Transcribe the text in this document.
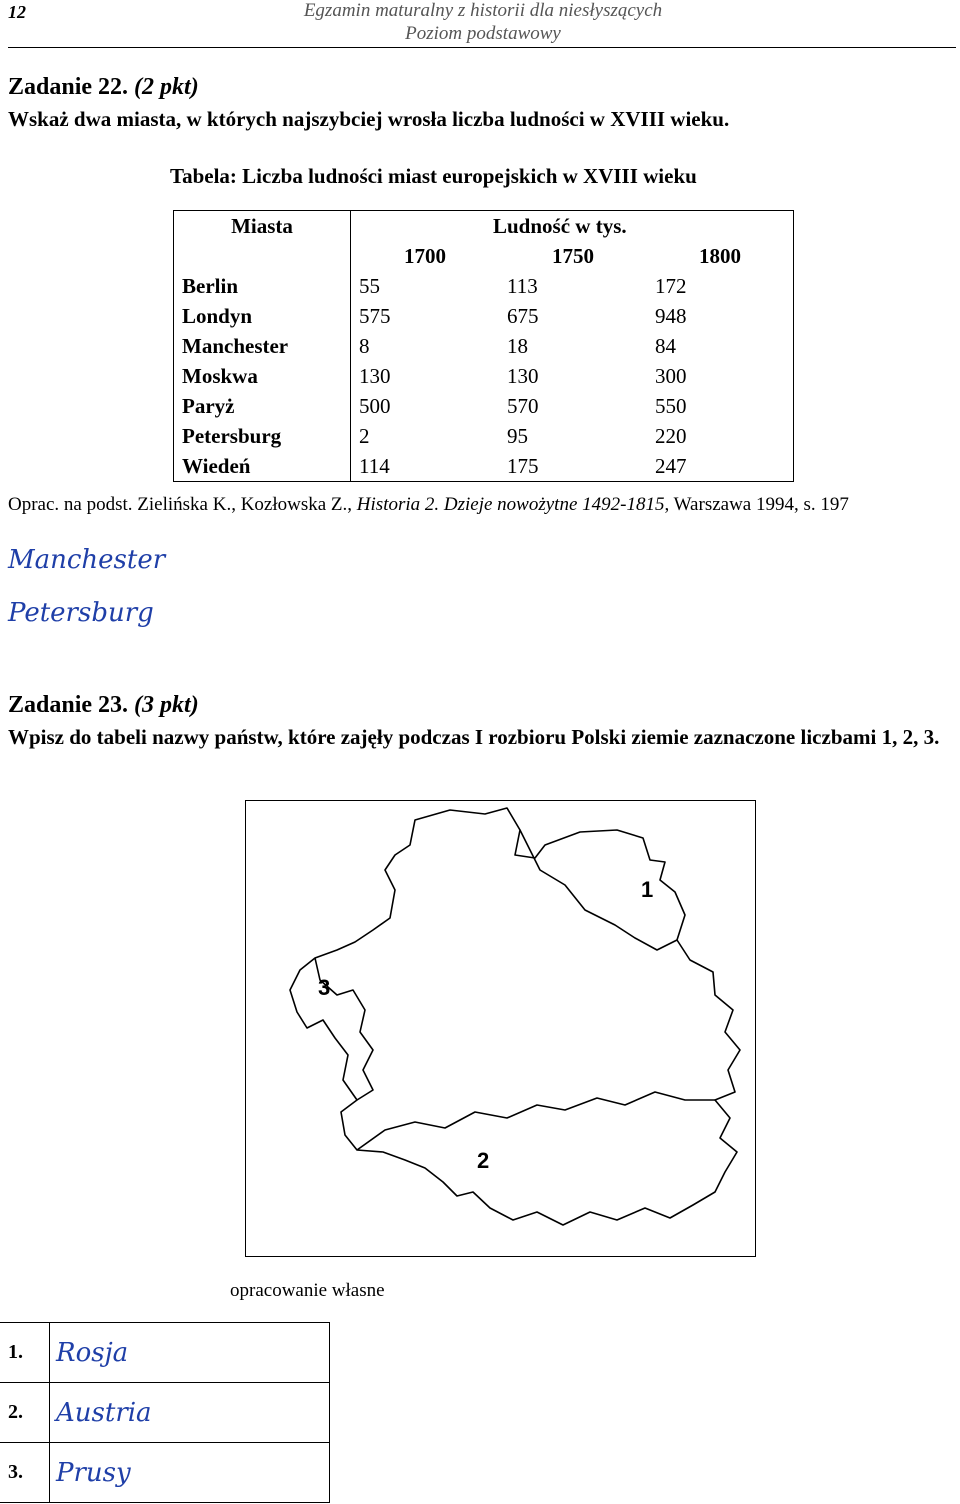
12	Egzamin maturalny z historii dla niesłyszących
Poziom podstawowy
Zadanie 22. (2 pkt)
Wskaż dwa miasta, w których najszybciej wrosła liczba ludności w XVIII wieku.
Tabela: Liczba ludności miast europejskich w XVIII wieku
Miasta	Ludność w tys.		
	1700	1750	1800
Berlin	55	113	172
Londyn	575	675	948
Manchester	8	18	84
Moskwa	130	130	300
Paryż	500	570	550
Petersburg	2	95	220
Wiedeń	114	175	247
Oprac. na podst. Zielińska K., Kozłowska Z., Historia 2. Dzieje nowożytne 1492-1815, Warszawa 1994, s. 197
Manchester
Petersburg
Zadanie 23. (3 pkt)
Wpisz do tabeli nazwy państw, które zajęły podczas I rozbioru Polski ziemie zaznaczone liczbami 1, 2, 3.
1
2
3
opracowanie własne
1.	Rosja
2.	Austria
3.	Prusy
